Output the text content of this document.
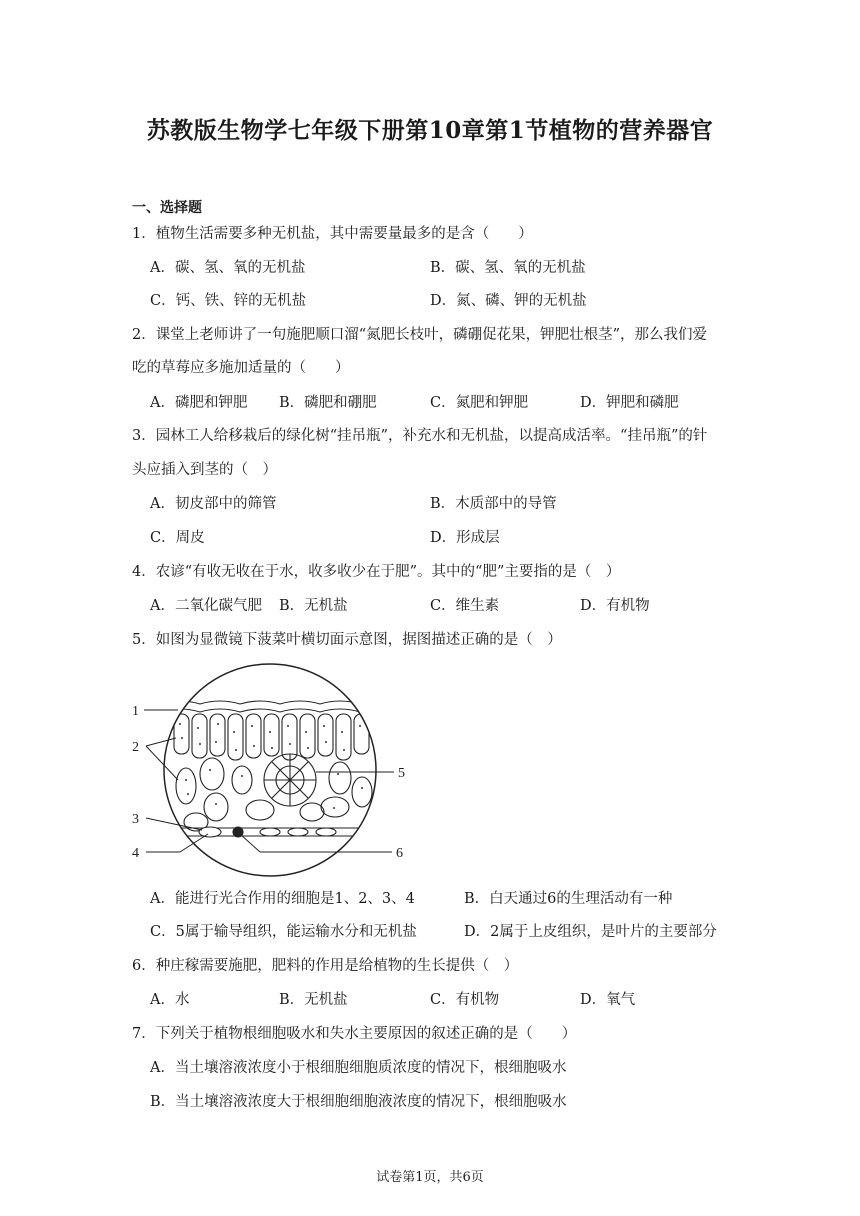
苏教版生物学七年级下册第10章第1节植物的营养器官
一、选择题
1．植物生活需要多种无机盐，其中需要量最多的是含（　　）
A．碳、氢、氧的无机盐	B．碳、氢、氧的无机盐
C．钙、铁、锌的无机盐	D．氮、磷、钾的无机盐
2．课堂上老师讲了一句施肥顺口溜“氮肥长枝叶，磷硼促花果，钾肥壮根茎”，那么我们爱
吃的草莓应多施加适量的（　　）
A．磷肥和钾肥 B．磷肥和硼肥	C．氮肥和钾肥	D．钾肥和磷肥
3．园林工人给移栽后的绿化树“挂吊瓶”，补充水和无机盐，以提高成活率。“挂吊瓶”的针
头应插入到茎的（　）
A．韧皮部中的筛管	B．木质部中的导管
C．周皮	D．形成层
4．农谚“有收无收在于水，收多收少在于肥”。其中的“肥”主要指的是（　）
A．二氧化碳气肥 B．无机盐	C．维生素	D．有机物
5．如图为显微镜下菠菜叶横切面示意图，据图描述正确的是（　）
1
2
3
4
5
6
A．能进行光合作用的细胞是1、2、3、4	B．白天通过6的生理活动有一种
C．5属于输导组织，能运输水分和无机盐	D．2属于上皮组织，是叶片的主要部分
6．种庄稼需要施肥，肥料的作用是给植物的生长提供（　）
A．水	B．无机盐	C．有机物	D．氧气
7．下列关于植物根细胞吸水和失水主要原因的叙述正确的是（　　）
A．当土壤溶液浓度小于根细胞细胞质浓度的情况下，根细胞吸水
B．当土壤溶液浓度大于根细胞细胞液浓度的情况下，根细胞吸水
试卷第1页，共6页
